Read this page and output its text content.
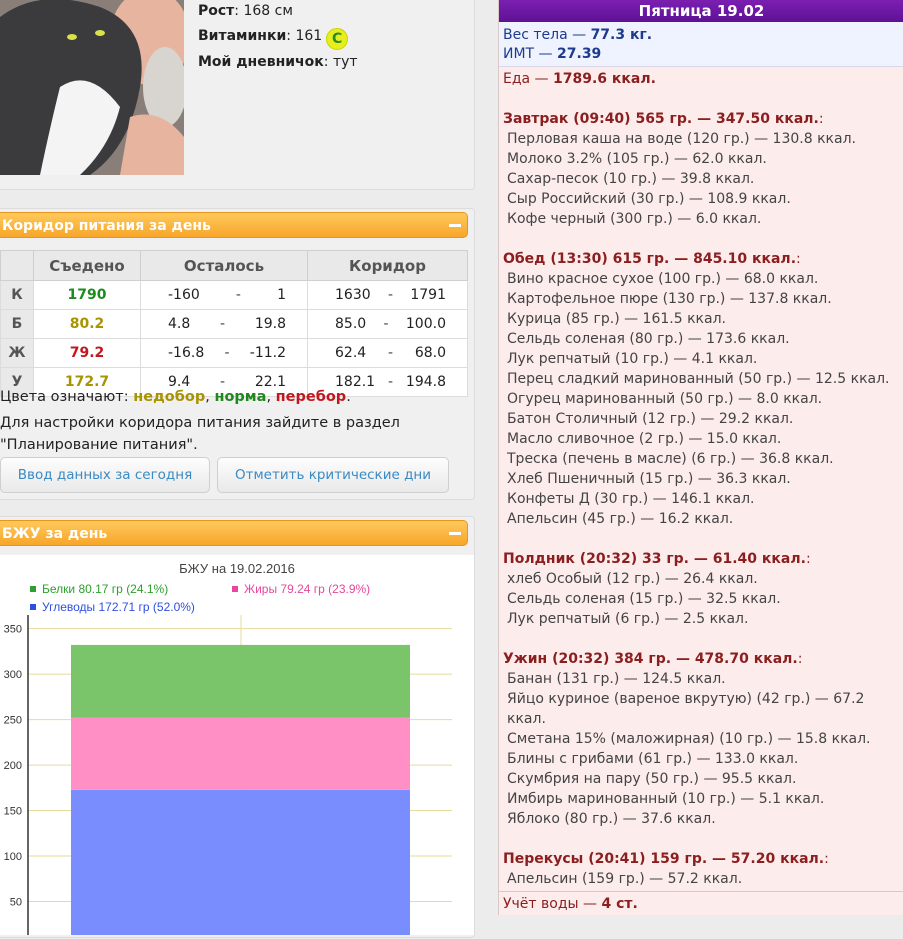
Рост: 168 см
Витаминки: 161 C
Мой дневничок: тут
Коридор питания за день
	Съедено	Осталось	Коридор
К	1790	-160 - 1	1630 - 1791

Б	80.2	4.8 - 19.8	85.0 - 100.0

Ж	79.2	-16.8 - -11.2	62.4 - 68.0

У	172.7	9.4 - 22.1	182.1 - 194.8
Цвета означают: недобор, норма, перебор.
Для настройки коридора питания зайдите в раздел "Планирование питания".
Ввод данных за сегодня	Отметить критические дни
БЖУ за день
БЖУ на 19.02.2016
Белки 80.17 гр (24.1%)	Жиры 79.24 гр (23.9%)
Углеводы 172.71 гр (52.0%)
50
100
150
200
250
300
350
Пятница 19.02
Вес тела — 77.3 кг.
ИМТ — 27.39
Еда — 1789.6 ккал.
Завтрак (09:40) 565 гр. — 347.50 ккал.:
Перловая каша на воде (120 гр.) — 130.8 ккал.
Молоко 3.2% (105 гр.) — 62.0 ккал.
Сахар-песок (10 гр.) — 39.8 ккал.
Сыр Российский (30 гр.) — 108.9 ккал.
Кофе черный (300 гр.) — 6.0 ккал.
Обед (13:30) 615 гр. — 845.10 ккал.:
Вино красное сухое (100 гр.) — 68.0 ккал.
Картофельное пюре (130 гр.) — 137.8 ккал.
Курица (85 гр.) — 161.5 ккал.
Сельдь соленая (80 гр.) — 173.6 ккал.
Лук репчатый (10 гр.) — 4.1 ккал.
Перец сладкий маринованный (50 гр.) — 12.5 ккал.
Огурец маринованный (50 гр.) — 8.0 ккал.
Батон Столичный (12 гр.) — 29.2 ккал.
Масло сливочное (2 гр.) — 15.0 ккал.
Треска (печень в масле) (6 гр.) — 36.8 ккал.
Хлеб Пшеничный (15 гр.) — 36.3 ккал.
Конфеты Д (30 гр.) — 146.1 ккал.
Апельсин (45 гр.) — 16.2 ккал.
Полдник (20:32) 33 гр. — 61.40 ккал.:
хлеб Особый (12 гр.) — 26.4 ккал.
Сельдь соленая (15 гр.) — 32.5 ккал.
Лук репчатый (6 гр.) — 2.5 ккал.
Ужин (20:32) 384 гр. — 478.70 ккал.:
Банан (131 гр.) — 124.5 ккал.
Яйцо куриное (вареное вкрутую) (42 гр.) — 67.2 ккал.
Сметана 15% (маложирная) (10 гр.) — 15.8 ккал.
Блины с грибами (61 гр.) — 133.0 ккал.
Скумбрия на пару (50 гр.) — 95.5 ккал.
Имбирь маринованный (10 гр.) — 5.1 ккал.
Яблоко (80 гр.) — 37.6 ккал.
Перекусы (20:41) 159 гр. — 57.20 ккал.:
Апельсин (159 гр.) — 57.2 ккал.
Учёт воды — 4 ст.
